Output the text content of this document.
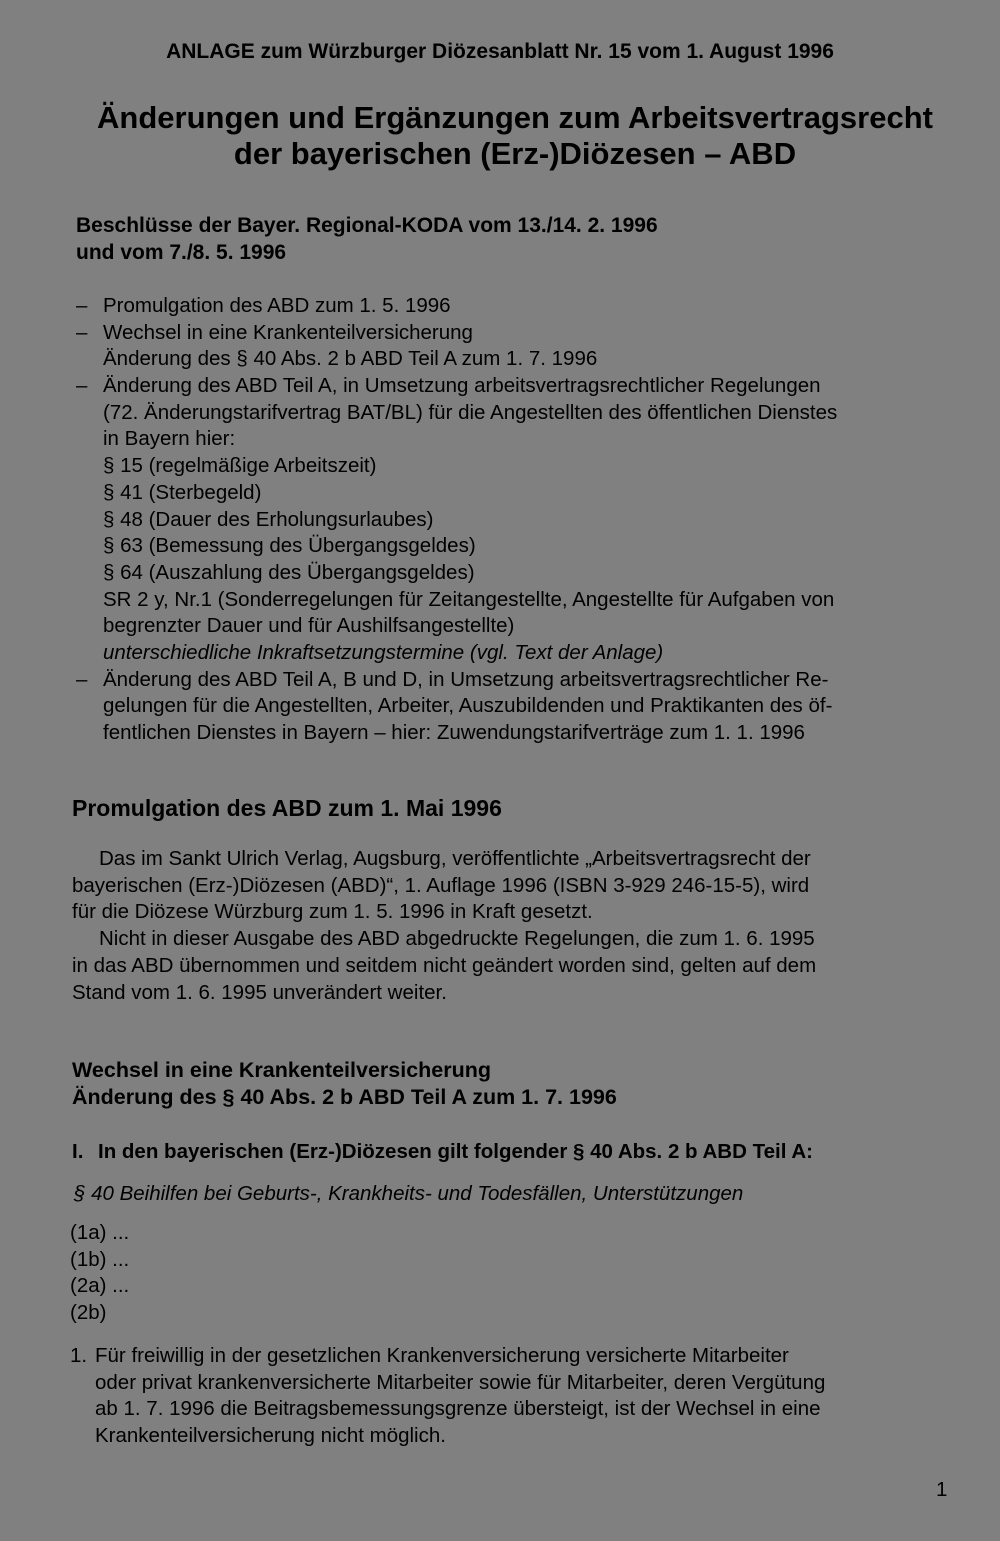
ANLAGE zum Würzburger Diözesanblatt Nr. 15 vom 1. August 1996
Änderungen und Ergänzungen zum Arbeitsvertragsrecht
der bayerischen (Erz-)Diözesen – ABD
Beschlüsse der Bayer. Regional-KODA vom 13./14. 2. 1996
und vom 7./8. 5. 1996
– Promulgation des ABD zum 1. 5. 1996
– Wechsel in eine Krankenteilversicherung
Änderung des § 40 Abs. 2 b ABD Teil A zum 1. 7. 1996
– Änderung des ABD Teil A, in Umsetzung arbeitsvertragsrechtlicher Regelungen
(72. Änderungstarifvertrag BAT/BL) für die Angestellten des öffentlichen Dienstes
in Bayern hier:
§ 15 (regelmäßige Arbeitszeit)
§ 41 (Sterbegeld)
§ 48 (Dauer des Erholungsurlaubes)
§ 63 (Bemessung des Übergangsgeldes)
§ 64 (Auszahlung des Übergangsgeldes)
SR 2 y, Nr.1 (Sonderregelungen für Zeitangestellte, Angestellte für Aufgaben von
begrenzter Dauer und für Aushilfsangestellte)
unterschiedliche Inkraftsetzungstermine (vgl. Text der Anlage)
– Änderung des ABD Teil A, B und D, in Umsetzung arbeitsvertragsrechtlicher Re-
gelungen für die Angestellten, Arbeiter, Auszubildenden und Praktikanten des öf-
fentlichen Dienstes in Bayern – hier: Zuwendungstarifverträge zum 1. 1. 1996
Promulgation des ABD zum 1. Mai 1996
Das im Sankt Ulrich Verlag, Augsburg, veröffentlichte „Arbeitsvertragsrecht der
bayerischen (Erz-)Diözesen (ABD)“, 1. Auflage 1996 (ISBN 3-929 246-15-5), wird
für die Diözese Würzburg zum 1. 5. 1996 in Kraft gesetzt.
Nicht in dieser Ausgabe des ABD abgedruckte Regelungen, die zum 1. 6. 1995
in das ABD übernommen und seitdem nicht geändert worden sind, gelten auf dem
Stand vom 1. 6. 1995 unverändert weiter.
Wechsel in eine Krankenteilversicherung
Änderung des § 40 Abs. 2 b ABD Teil A zum 1. 7. 1996
I. In den bayerischen (Erz-)Diözesen gilt folgender § 40 Abs. 2 b ABD Teil A:
§ 40 Beihilfen bei Geburts-, Krankheits- und Todesfällen, Unterstützungen
(1a) ...
(1b) ...
(2a) ...
(2b)
1. Für freiwillig in der gesetzlichen Krankenversicherung versicherte Mitarbeiter
oder privat krankenversicherte Mitarbeiter sowie für Mitarbeiter, deren Vergütung
ab 1. 7. 1996 die Beitragsbemessungsgrenze übersteigt, ist der Wechsel in eine
Krankenteilversicherung nicht möglich.
1
